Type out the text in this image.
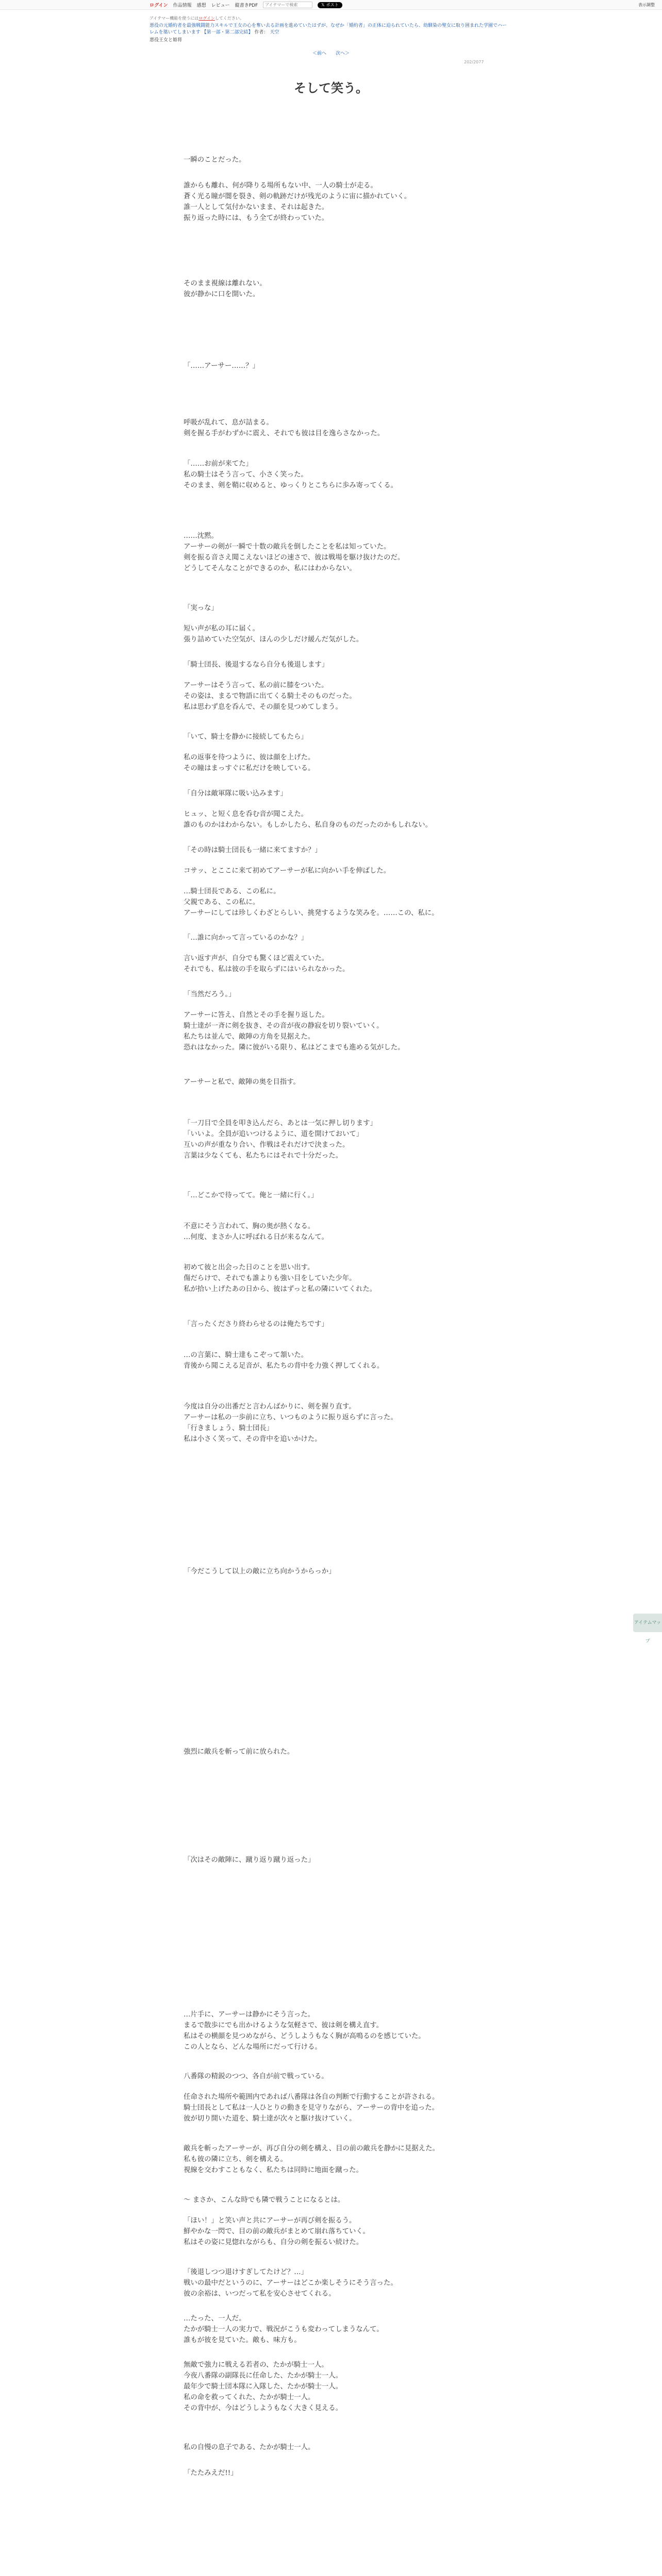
ログイン 作品情報 感想 レビュー 縦書きPDF
アイテマーで検索	𝕏 ポスト	表示調整
アイテマー機能を使うにはログインしてください。
悪役の元婚約者を最強戦闘能力スキルで王女の心を奪い去る計画を進めていたはずが、なぜか「婚約者」の正体に迫られていたら、幼馴染の聖女に取り囲まれた学園でハーレムを築いてしまいます 【第一部・第二部完結】 作者： 天空
悪役王女と姫将
＜前へ　　次へ＞
202/2077
そして笑う。

一瞬のことだった。

誰からも離れ、何が降りる場所もない中、一人の騎士が走る。
蒼く光る瞳が闇を裂き、剣の軌跡だけが残光のように宙に描かれていく。
誰一人として気付かないまま、それは起きた。
振り返った時には、もう全てが終わっていた。

そのまま視線は離れない。
彼が静かに口を開いた。

「……アーサー……？」

呼吸が乱れて、息が詰まる。
剣を握る手がわずかに震え、それでも彼は目を逸らさなかった。

「……お前が来てた」
私の騎士はそう言って、小さく笑った。
そのまま、剣を鞘に収めると、ゆっくりとこちらに歩み寄ってくる。

……沈黙。
アーサーの剣が一瞬で十数の敵兵を倒したことを私は知っていた。
剣を振る音さえ聞こえないほどの速さで、彼は戦場を駆け抜けたのだ。
どうしてそんなことができるのか、私にはわからない。

「実っな」

短い声が私の耳に届く。
張り詰めていた空気が、ほんの少しだけ緩んだ気がした。

「騎士団長、後退するなら自分も後退します」

アーサーはそう言って、私の前に膝をついた。
その姿は、まるで物語に出てくる騎士そのものだった。
私は思わず息を呑んで、その顔を見つめてしまう。

「いて、騎士を静かに接続してもたら」

私の返事を待つように、彼は顔を上げた。
その瞳はまっすぐに私だけを映している。

「自分は敵軍隊に吸い込みます」

ヒュッ、と短く息を呑む音が聞こえた。
誰のものかはわからない。もしかしたら、私自身のものだったのかもしれない。

「その時は騎士団長も一緒に来てますか？」

コサッ、とここに来て初めてアーサーが私に向かい手を伸ばした。

…騎士団長である、この私に。
父親である、この私に。
アーサーにしては珍しくわざとらしい、挑発するような笑みを。……この、私に。

「…誰に向かって言っているのかな？」

言い返す声が、自分でも驚くほど震えていた。
それでも、私は彼の手を取らずにはいられなかった。

「当然だろう。」

アーサーに答え、自然とその手を握り返した。
騎士達が一斉に剣を抜き、その音が夜の静寂を切り裂いていく。
私たちは並んで、敵陣の方角を見据えた。
恐れはなかった。隣に彼がいる限り、私はどこまでも進める気がした。

アーサーと私で、敵陣の奥を目指す。

「一刀目で全員を叩き込んだら、あとは一気に押し切ります」
「いいよ。全員が追いつけるように、道を開けておいて」
互いの声が重なり合い、作戦はそれだけで決まった。
言葉は少なくても、私たちにはそれで十分だった。

「…どこかで待ってて。俺と一緒に行く。」

不意にそう言われて、胸の奥が熱くなる。
…何度、まさか人に呼ばれる日が来るなんて。

初めて彼と出会った日のことを思い出す。
傷だらけで、それでも誰よりも強い目をしていた少年。
私が拾い上げたあの日から、彼はずっと私の隣にいてくれた。

「言ったくださり終わらせるのは俺たちです」

…の言葉に、騎士達もこぞって頷いた。
背後から聞こえる足音が、私たちの背中を力強く押してくれる。

今度は自分の出番だと言わんばかりに、剣を握り直す。
アーサーは私の一歩前に立ち、いつものように振り返らずに言った。
「行きましょう、騎士団長」
私は小さく笑って、その背中を追いかけた。

「今だこうして以上の敵に立ち向かうからっか」

強烈に敵兵を斬って前に放られた。

「次はその敵陣に、蹴り返り蹴り返った」

…片手に、アーサーは静かにそう言った。
まるで散歩にでも出かけるような気軽さで、彼は剣を構え直す。
私はその横顔を見つめながら、どうしようもなく胸が高鳴るのを感じていた。
この人となら、どんな場所にだって行ける。

八番隊の精鋭のつつ、各自が前で戦っている。

任命された場所や範囲内であれば八番隊は各自の判断で行動することが許される。
騎士団長として私は一人ひとりの動きを見守りながら、アーサーの背中を追った。
彼が切り開いた道を、騎士達が次々と駆け抜けていく。

敵兵を斬ったアーサーが、再び自分の剣を構え、目の前の敵兵を静かに見据えた。
私も彼の隣に立ち、剣を構える。
視線を交わすこともなく、私たちは同時に地面を蹴った。

～ まさか、こんな時でも隣で戦うことになるとは。

「ほい！」と笑い声と共にアーサーが再び剣を振るう。
鮮やかな一閃で、目の前の敵兵がまとめて崩れ落ちていく。
私はその姿に見惚れながらも、自分の剣を振るい続けた。

「後退しつつ退けすぎしてたけど？…」
戦いの最中だというのに、アーサーはどこか楽しそうにそう言った。
彼の余裕は、いつだって私を安心させてくれる。

…たった、一人だ。
たかが騎士一人の実力で、戦況がこうも変わってしまうなんて。
誰もが彼を見ていた。敵も、味方も。

無敵で強力に戦える若者の、たかが騎士一人。
今夜八番隊の副隊長に任命した、たかが騎士一人。
最年少で騎士団本隊に入隊した、たかが騎士一人。
私の命を救ってくれた、たかが騎士一人。
その背中が、今はどうしようもなく大きく見える。

私の自慢の息子である、たかが騎士一人。

「たたみえだ!!」

アイテムマップ
